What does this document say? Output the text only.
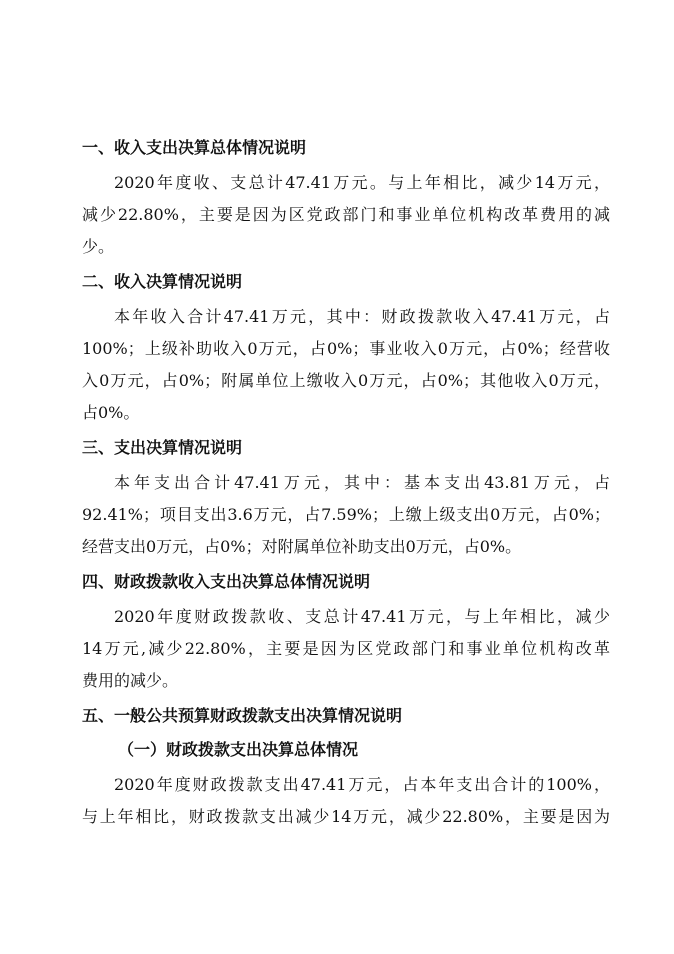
一、收入支出决算总体情况说明
2020年度收、支总计47.41万元。与上年相比，减少14万元，
减少22.80%，主要是因为区党政部门和事业单位机构改革费用的减
少。
二、收入决算情况说明
本年收入合计47.41万元，其中：财政拨款收入47.41万元，占
100%；上级补助收入0万元，占0%；事业收入0万元，占0%；经营收
入0万元，占0%；附属单位上缴收入0万元，占0%；其他收入0万元，
占0%。
三、支出决算情况说明
本年支出合计47.41万元，其中：基本支出43.81万元，占
92.41%；项目支出3.6万元，占7.59%；上缴上级支出0万元，占0%；
经营支出0万元，占0%；对附属单位补助支出0万元，占0%。
四、财政拨款收入支出决算总体情况说明
2020年度财政拨款收、支总计47.41万元，与上年相比，减少
14万元,减少22.80%，主要是因为区党政部门和事业单位机构改革
费用的减少。
五、一般公共预算财政拨款支出决算情况说明
（一）财政拨款支出决算总体情况
2020年度财政拨款支出47.41万元，占本年支出合计的100%，
与上年相比，财政拨款支出减少14万元，减少22.80%，主要是因为
